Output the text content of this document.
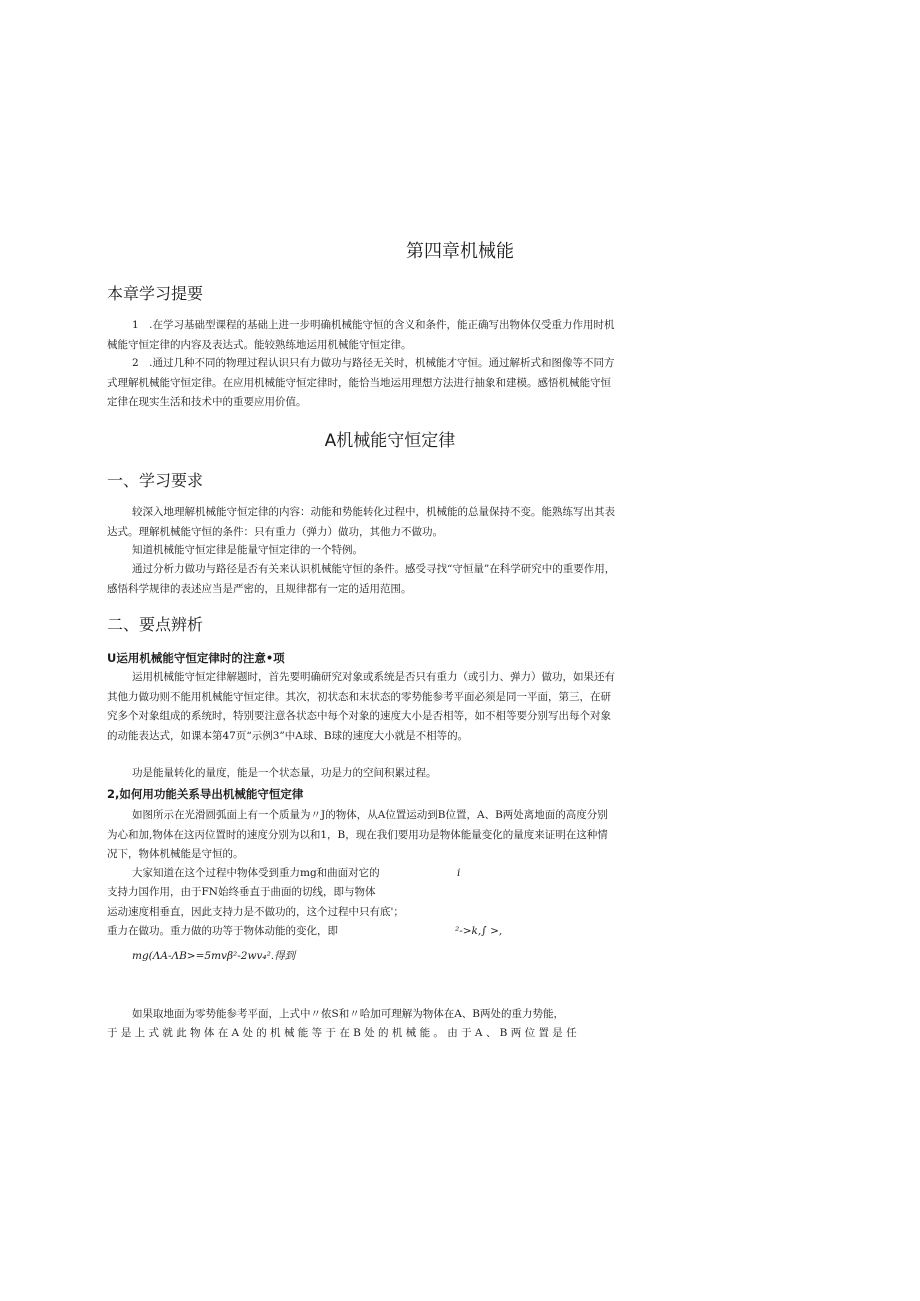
第四章机械能
本章学习提要

1　.在学习基础型课程的基础上进一步明确机械能守恒的含义和条件，能正确写出物体仅受重力作用时机械能守恒定律的内容及表达式。能较熟练地运用机械能守恒定律。

2　.通过几种不同的物理过程认识只有力做功与路径无关时，机械能才守恒。通过解析式和图像等不同方式理解机械能守恒定律。在应用机械能守恒定律时，能恰当地运用理想方法进行抽象和建模。感悟机械能守恒定律在现实生活和技术中的重要应用价值。

A机械能守恒定律
一、学习要求

较深入地理解机械能守恒定律的内容：动能和势能转化过程中，机械能的总量保持不变。能熟练写出其表达式。理解机械能守恒的条件：只有重力（弹力）做功，其他力不做功。

知道机械能守恒定律是能量守恒定律的一个特例。

通过分析力做功与路径是否有关来认识机械能守恒的条件。感受寻找“守恒量”在科学研究中的重要作用，感悟科学规律的表述应当是严密的，且规律都有一定的适用范围。

二、要点辨析
U运用机械能守恒定律时的注意•项

运用机械能守恒定律解题时，首先要明确研究对象或系统是否只有重力（或引力、弹力）做功，如果还有其他力做功则不能用机械能守恒定律。其次，初状态和末状态的零势能参考平面必须是同一平面，第三，在研究多个对象组成的系统时，特别要注意各状态中每个对象的速度大小是否相等，如不相等要分别写出每个对象的动能表达式，如课本第47页“示例3”中A球、B球的速度大小就是不相等的。

功是能量转化的量度，能是一个状态量，功是力的空间积累过程。

2,如何用功能关系导出机械能守恒定律

如图所示在光滑圆弧面上有一个质量为〃J的物体，从A位置运动到B位置，A、B两处离地面的高度分别为心和加,物体在这丙位置时的速度分别为以和1，B，现在我们要用功是物体能量变化的量度来证明在这种情况下，物体机械能是守恒的。

大家知道在这个过程中物体受到重力mg和曲面对它的
支持力国作用，由于FN始终垂直于曲面的切线，即与物体
运动速度相垂直，因此支持力是不做功的，这个过程中只有底'；
重力在做功。重力做的功等于物体动能的变化，即
i
²->k,∫ >,
mg(ΛA-ΛB>=5mvβ²-2wv₄².得到
如果取地面为零势能参考平面，上式中〃侬S和〃哈加可理解为物体在A、B两处的重力势能，
于 是 上 式 就 此 物 体 在 A 处 的 机 械 能 等 于 在 B 处 的 机 械 能 。 由 于 A 、 B 两 位 置 是 任
